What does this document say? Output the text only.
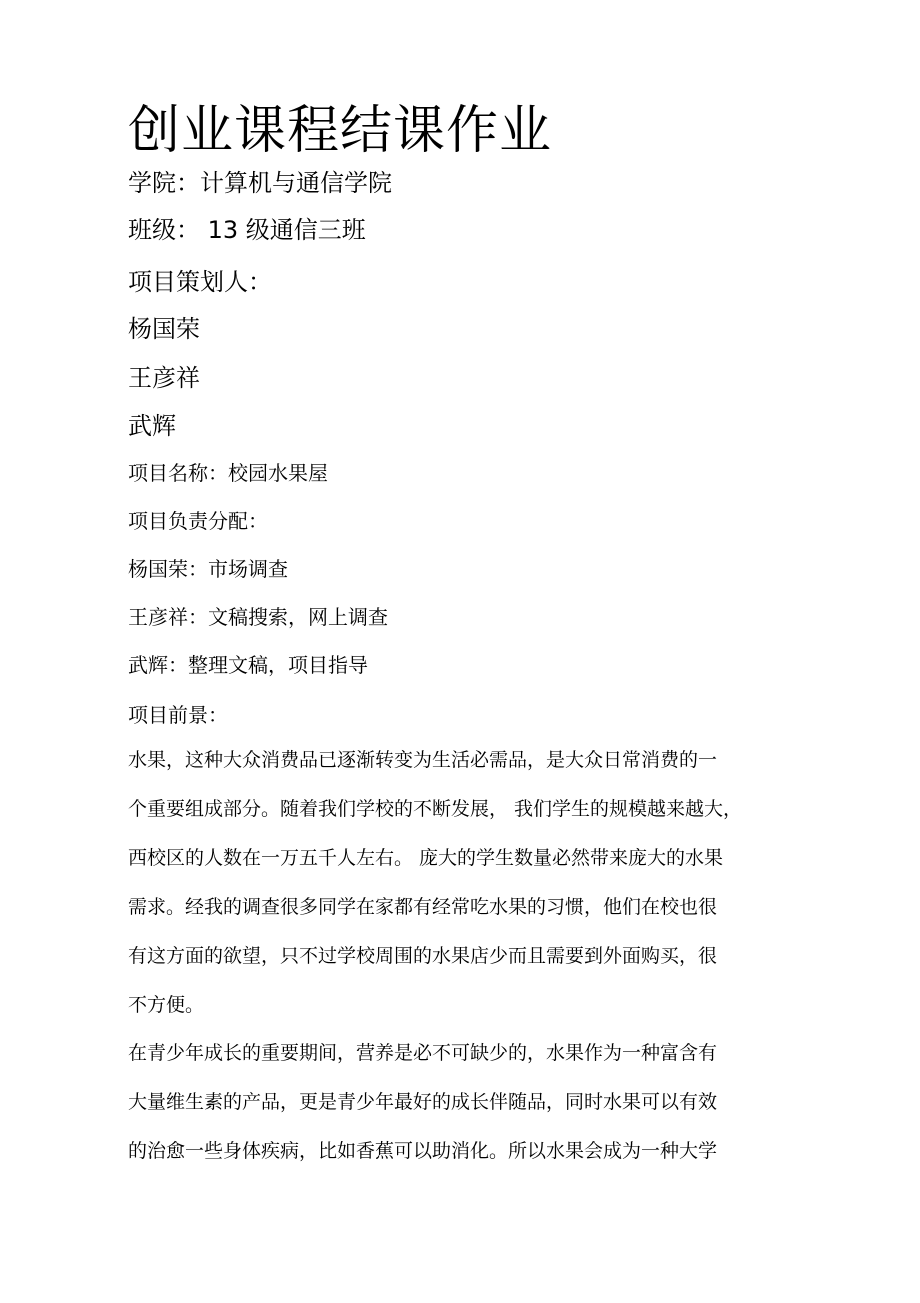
创业课程结课作业

学院：计算机与通信学院

班级： 13 级通信三班

项目策划人：

杨国荣

王彦祥

武辉

项目名称：校园水果屋

项目负责分配：

杨国荣：市场调查

王彦祥：文稿搜索，网上调查

武辉：整理文稿，项目指导

项目前景：

水果，这种大众消费品已逐渐转变为生活必需品，是大众日常消费的一
个重要组成部分。随着我们学校的不断发展， 我们学生的规模越来越大，
西校区的人数在一万五千人左右。 庞大的学生数量必然带来庞大的水果
需求。经我的调查很多同学在家都有经常吃水果的习惯，他们在校也很
有这方面的欲望，只不过学校周围的水果店少而且需要到外面购买，很
不方便。
在青少年成长的重要期间，营养是必不可缺少的，水果作为一种富含有
大量维生素的产品，更是青少年最好的成长伴随品，同时水果可以有效
的治愈一些身体疾病，比如香蕉可以助消化。所以水果会成为一种大学
